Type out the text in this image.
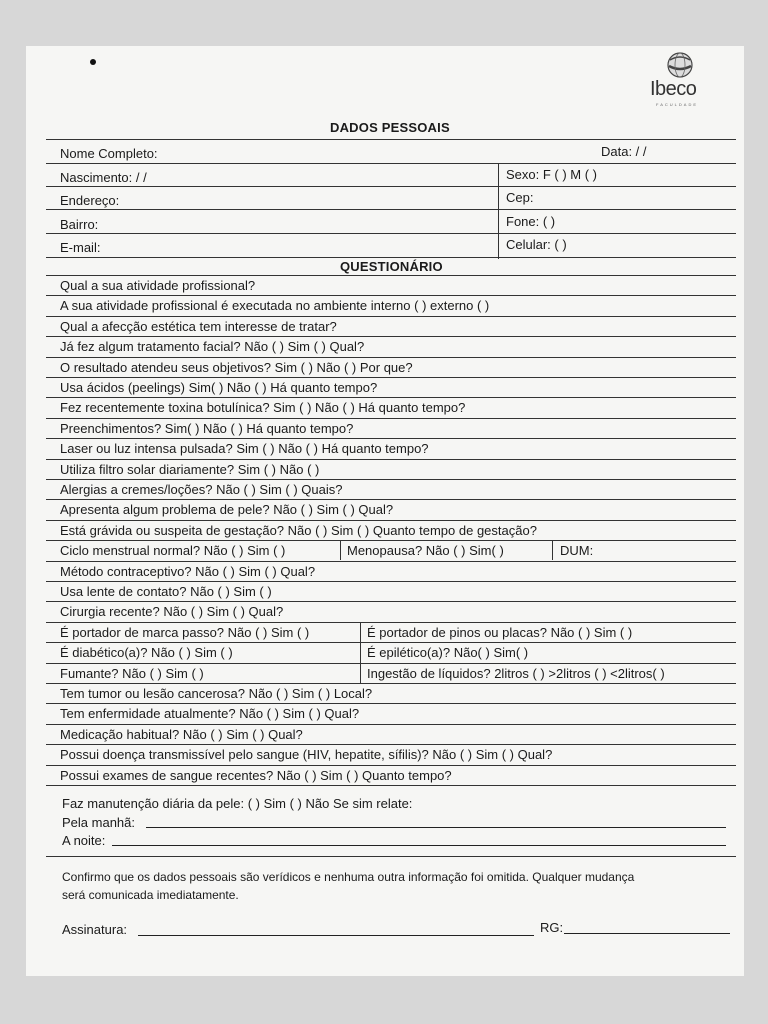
Ibeco
FACULDADE
DADOS PESSOAIS
Nome Completo:	Data: / /
Nascimento: / /	Sexo: F ( ) M ( )
Endereço:	Cep:
Bairro:	Fone: ( )
E-mail:	Celular: ( )
QUESTIONÁRIO
Qual a sua atividade profissional?
A sua atividade profissional é executada no ambiente interno ( ) externo ( )
Qual a afecção estética tem interesse de tratar?
Já fez algum tratamento facial? Não ( ) Sim ( ) Qual?
O resultado atendeu seus objetivos? Sim ( ) Não ( ) Por que?
Usa ácidos (peelings) Sim( ) Não ( ) Há quanto tempo?
Fez recentemente toxina botulínica? Sim ( ) Não ( ) Há quanto tempo?
Preenchimentos? Sim( ) Não ( ) Há quanto tempo?
Laser ou luz intensa pulsada? Sim ( ) Não ( ) Há quanto tempo?
Utiliza filtro solar diariamente? Sim ( ) Não ( )
Alergias a cremes/loções? Não ( ) Sim ( ) Quais?
Apresenta algum problema de pele? Não ( ) Sim ( ) Qual?
Está grávida ou suspeita de gestação? Não ( ) Sim ( ) Quanto tempo de gestação?
Ciclo menstrual normal? Não ( ) Sim ( )	Menopausa? Não ( ) Sim( )	DUM:
Método contraceptivo? Não ( ) Sim ( ) Qual?
Usa lente de contato? Não ( ) Sim ( )
Cirurgia recente? Não ( ) Sim ( ) Qual?
É portador de marca passo? Não ( ) Sim ( )	É portador de pinos ou placas? Não ( ) Sim ( )
É diabético(a)? Não ( ) Sim ( )	É epilético(a)? Não( ) Sim( )
Fumante? Não ( ) Sim ( )	Ingestão de líquidos? 2litros ( ) >2litros ( ) <2litros( )
Tem tumor ou lesão cancerosa? Não ( ) Sim ( ) Local?
Tem enfermidade atualmente? Não ( ) Sim ( ) Qual?
Medicação habitual? Não ( ) Sim ( ) Qual?
Possui doença transmissível pelo sangue (HIV, hepatite, sífilis)? Não ( ) Sim ( ) Qual?
Possui exames de sangue recentes? Não ( ) Sim ( ) Quanto tempo?
Faz manutenção diária da pele: ( ) Sim ( ) Não Se sim relate:
Pela manhã:
A noite:
Confirmo que os dados pessoais são verídicos e nenhuma outra informação foi omitida. Qualquer mudança
será comunicada imediatamente.
Assinatura:	RG:
